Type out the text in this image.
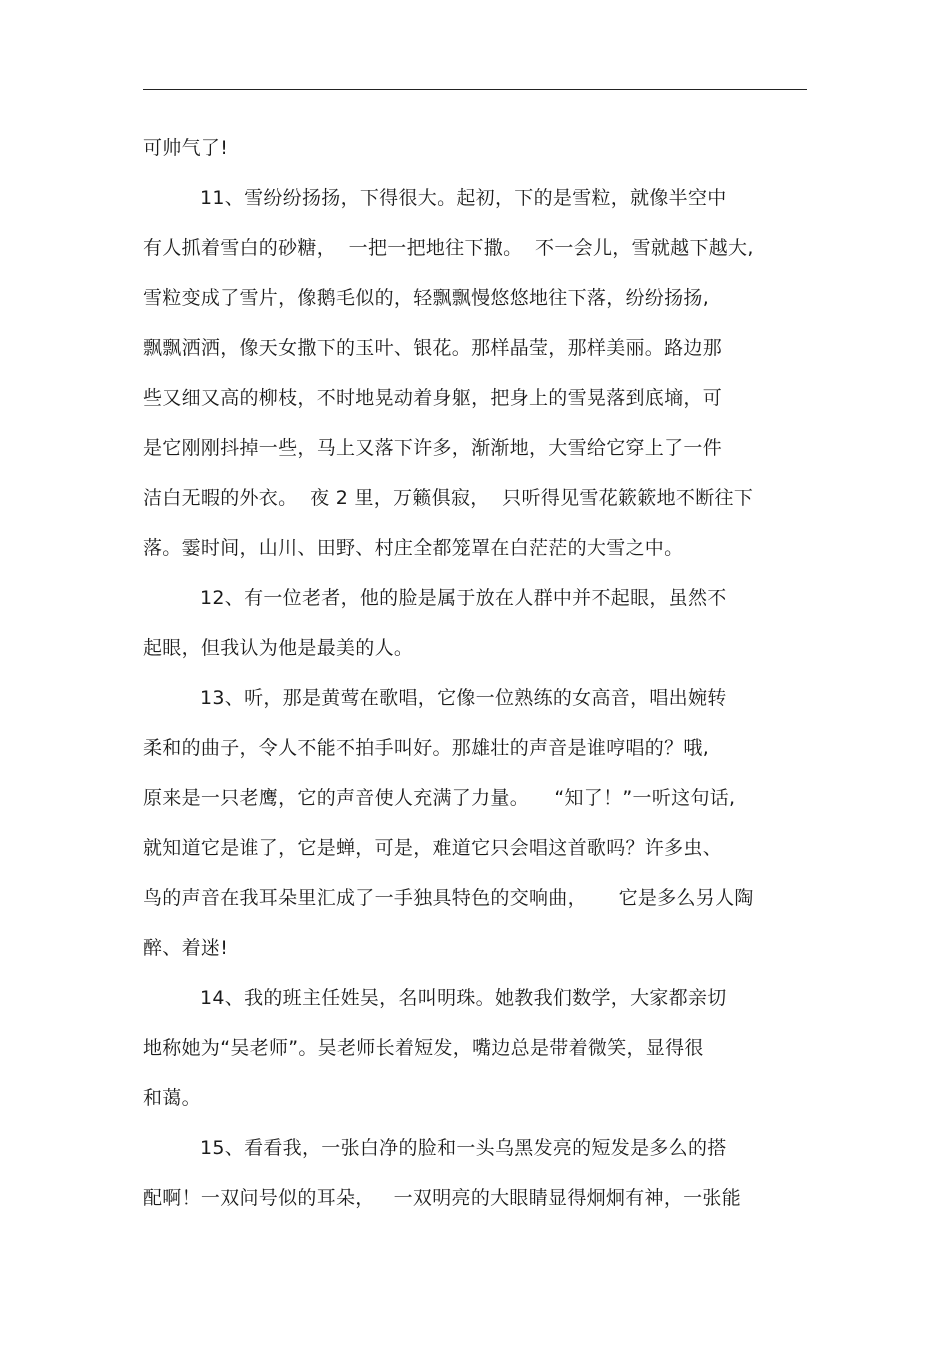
可帅气了!
11、雪纷纷扬扬，下得很大。起初，下的是雪粒，就像半空中
有人抓着雪白的砂糖，  一把一把地往下撒。  不一会儿，雪就越下越大,
雪粒变成了雪片，像鹅毛似的，轻飘飘慢悠悠地往下落，纷纷扬扬,
飘飘洒洒，像天女撒下的玉叶、银花。那样晶莹，那样美丽。路边那
些又细又高的柳枝，不时地晃动着身躯，把身上的雪晃落到底墒，可
是它刚刚抖掉一些，马上又落下许多，渐渐地，大雪给它穿上了一件
洁白无暇的外衣。  夜 2 里，万籁俱寂，  只听得见雪花簌簌地不断往下
落。霎时间，山川、田野、村庄全都笼罩在白茫茫的大雪之中。
12、有一位老者，他的脸是属于放在人群中并不起眼，虽然不
起眼，但我认为他是最美的人。
13、听，那是黄莺在歌唱，它像一位熟练的女高音，唱出婉转
柔和的曲子，令人不能不拍手叫好。那雄壮的声音是谁哼唱的？哦,
原来是一只老鹰，它的声音使人充满了力量。    “知了！”一听这句话,
就知道它是谁了，它是蝉，可是，难道它只会唱这首歌吗？许多虫、
鸟的声音在我耳朵里汇成了一手独具特色的交响曲，     它是多么另人陶
醉、着迷!
14、我的班主任姓吴，名叫明珠。她教我们数学，大家都亲切
地称她为“吴老师”。吴老师长着短发，嘴边总是带着微笑，显得很
和蔼。
15、看看我，一张白净的脸和一头乌黑发亮的短发是多么的搭
配啊！一双问号似的耳朵，   一双明亮的大眼睛显得炯炯有神，一张能
